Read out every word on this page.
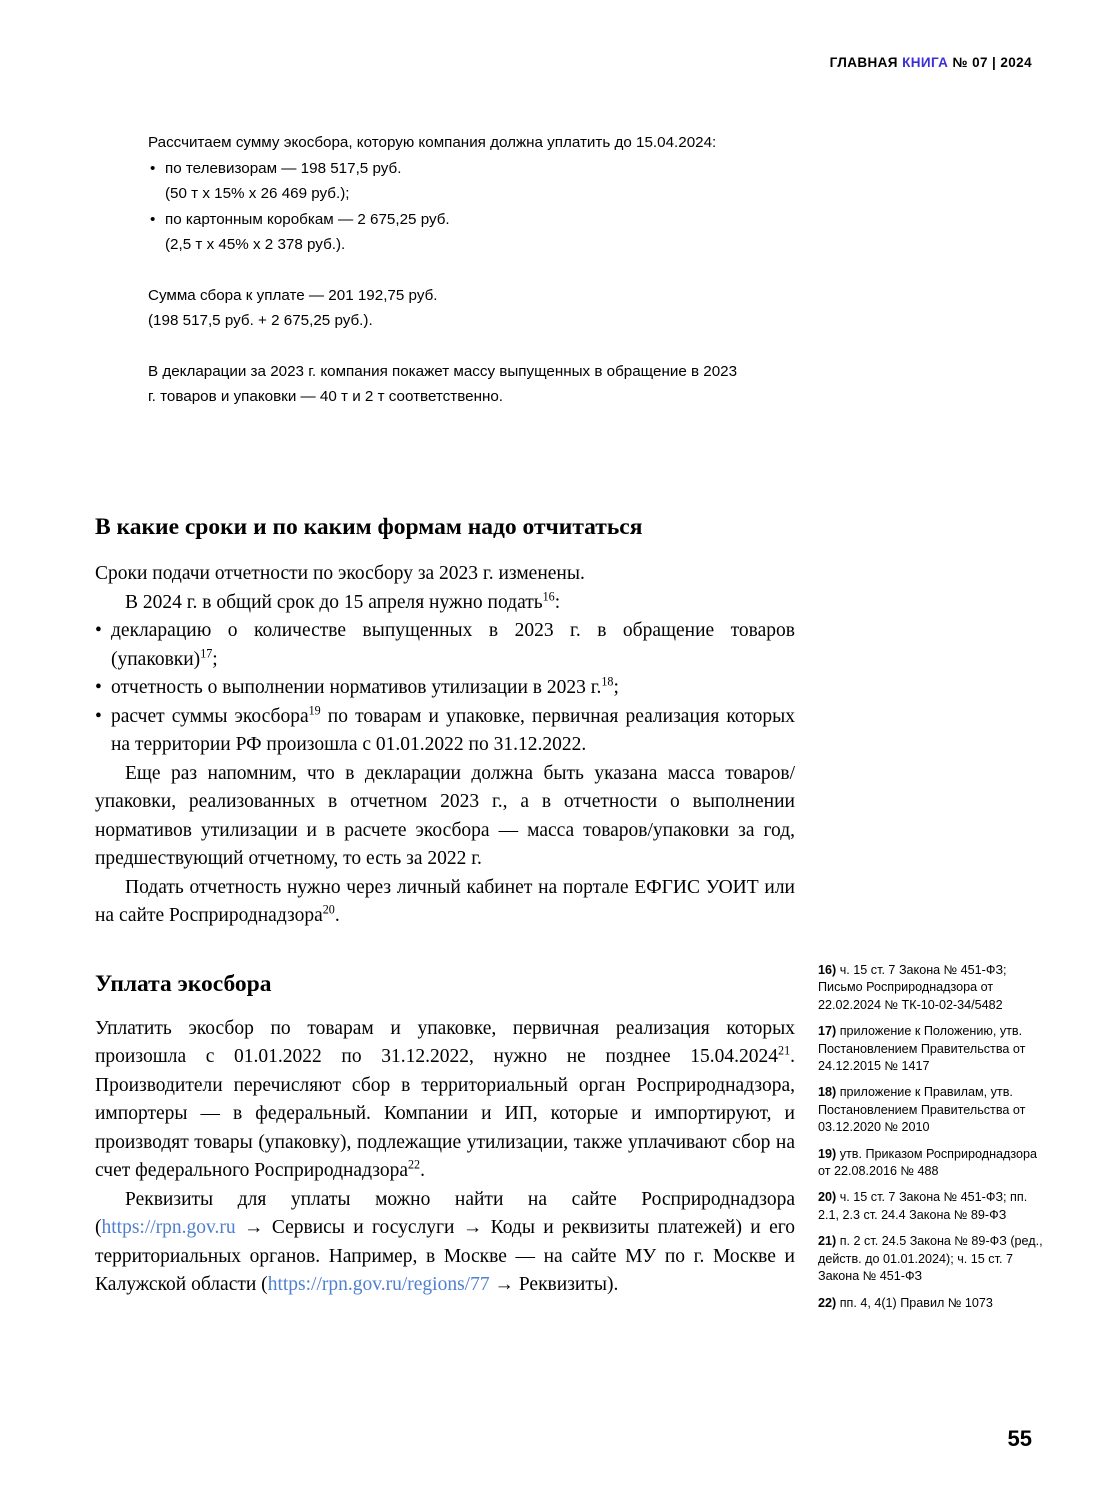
ГЛАВНАЯ КНИГА № 07 | 2024

Рассчитаем сумму экосбора, которую компания должна уплатить до 15.04.2024:

• по телевизорам — 198 517,5 руб.
(50 т х 15% х 26 469 руб.);
• по картонным коробкам — 2 675,25 руб.
(2,5 т х 45% х 2 378 руб.).

Сумма сбора к уплате — 201 192,75 руб.

(198 517,5 руб. + 2 675,25 руб.).

В декларации за 2023 г. компания покажет массу выпущенных в обращение в 2023 г. товаров и упаковки — 40 т и 2 т соответственно.

В какие сроки и по каким формам надо отчитаться

Сроки подачи отчетности по экосбору за 2023 г. изменены.

В 2024 г. в общий срок до 15 апреля нужно подать$^{16}$:

• декларацию о количестве выпущенных в 2023 г. в обращение товаров (упаковки)$^{17}$;
• отчетность о выполнении нормативов утилизации в 2023 г.$^{18}$;
• расчет суммы экосбора$^{19}$ по товарам и упаковке, первичная реализация которых на территории РФ произошла с 01.01.2022 по 31.12.2022.

Еще раз напомним, что в декларации должна быть указана масса товаров/упаковки, реализованных в отчетном 2023 г., а в отчетности о выполнении нормативов утилизации и в расчете экосбора — масса товаров/упаковки за год, предшествующий отчетному, то есть за 2022 г.

Подать отчетность нужно через личный кабинет на портале ЕФГИС УОИТ или на сайте Росприроднадзора$^{20}$.

Уплата экосбора

Уплатить экосбор по товарам и упаковке, первичная реализация которых произошла с 01.01.2022 по 31.12.2022, нужно не позднее 15.04.2024$^{21}$. Производители перечисляют сбор в территориальный орган Росприроднадзора, импортеры — в федеральный. Компании и ИП, которые и импортируют, и производят товары (упаковку), подлежащие утилизации, также уплачивают сбор на счет федерального Росприроднадзора$^{22}$.

Реквизиты для уплаты можно найти на сайте Росприроднадзора (https://rpn.gov.ru → Сервисы и госуслуги → Коды и реквизиты платежей) и его территориальных органов. Например, в Москве — на сайте МУ по г. Москве и Калужской области (https://rpn.gov.ru/regions/77 → Реквизиты).

16) ч. 15 ст. 7 Закона № 451-ФЗ; Письмо Росприроднадзора от 22.02.2024 № ТК-10-02-34/5482
17) приложение к Положению, утв. Постановлением Правительства от 24.12.2015 № 1417
18) приложение к Правилам, утв. Постановлением Правительства от 03.12.2020 № 2010
19) утв. Приказом Росприроднадзора от 22.08.2016 № 488
20) ч. 15 ст. 7 Закона № 451-ФЗ; пп. 2.1, 2.3 ст. 24.4 Закона № 89-ФЗ
21) п. 2 ст. 24.5 Закона № 89-ФЗ (ред., действ. до 01.01.2024); ч. 15 ст. 7 Закона № 451-ФЗ
22) пп. 4, 4(1) Правил № 1073
55
